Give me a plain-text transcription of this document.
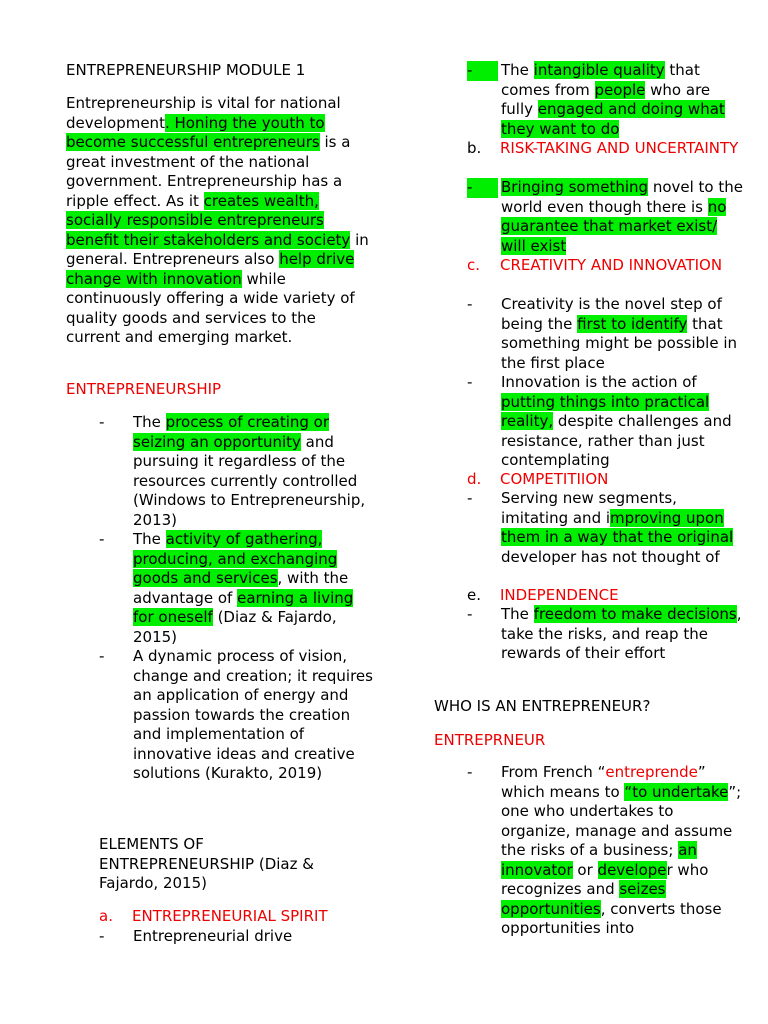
ENTREPRENEURSHIP MODULE 1

Entrepreneurship is vital for national development. Honing the youth to become successful entrepreneurs is a great investment of the national government. Entrepreneurship has a ripple effect. As it creates wealth, socially responsible entrepreneurs benefit their stakeholders and society in general. Entrepreneurs also help drive change with innovation while continuously offering a wide variety of quality goods and services to the current and emerging market.

ENTREPRENEURSHIP

- The process of creating or seizing an opportunity and pursuing it regardless of the resources currently controlled (Windows to Entrepreneurship, 2013)
- The activity of gathering, producing, and exchanging goods and services, with the advantage of earning a living for oneself (Diaz & Fajardo, 2015)
- A dynamic process of vision, change and creation; it requires an application of energy and passion towards the creation and implementation of innovative ideas and creative solutions (Kurakto, 2019)

ELEMENTS OF ENTREPRENEURSHIP (Diaz & Fajardo, 2015)

a. ENTREPRENEURIAL SPIRIT
- Entrepreneurial drive
-	The intangible quality that comes from people who are fully engaged and doing what they want to do
b. RISK-TAKING AND UNCERTAINTY
-	Bringing something novel to the world even though there is no guarantee that market exist/ will exist
c. CREATIVITY AND INNOVATION
- Creativity is the novel step of being the first to identify that something might be possible in the first place
- Innovation is the action of putting things into practical reality, despite challenges and resistance, rather than just contemplating
d. COMPETITIION
- Serving new segments, imitating and improving upon them in a way that the original developer has not thought of
e. INDEPENDENCE
- The freedom to make decisions, take the risks, and reap the rewards of their effort

WHO IS AN ENTREPRENEUR?

ENTREPRNEUR

- From French “entreprende” which means to “to undertake”; one who undertakes to organize, manage and assume the risks of a business; an innovator or developer who recognizes and seizes opportunities, converts those opportunities into
